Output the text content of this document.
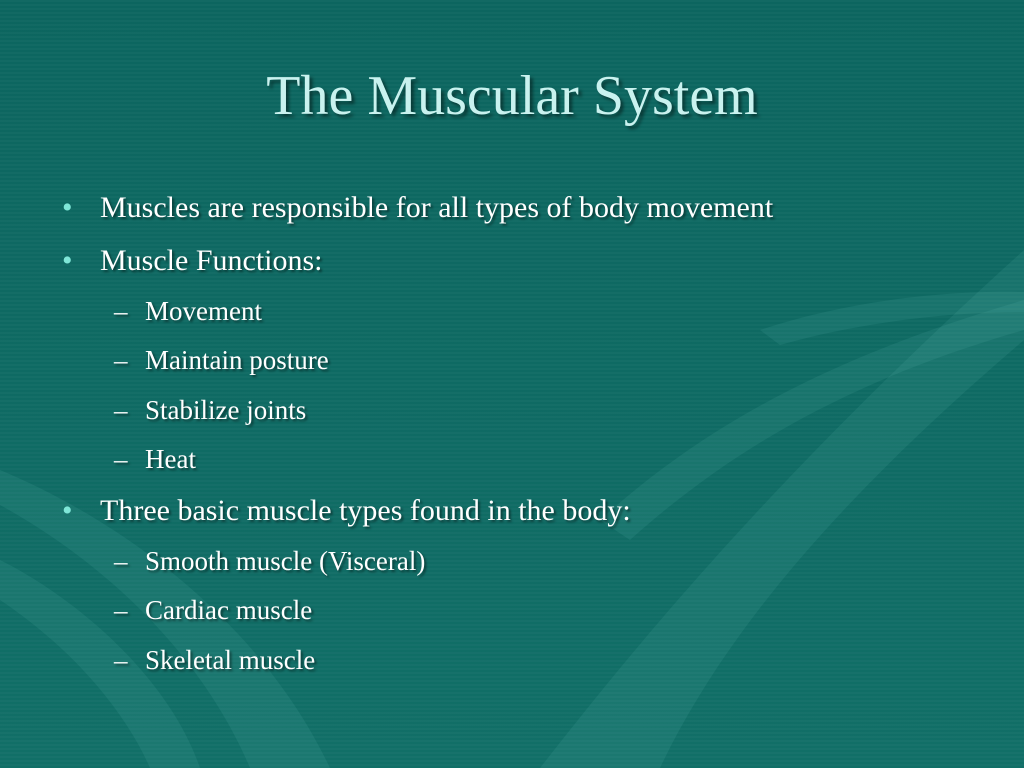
The Muscular System
• Muscles are responsible for all types of body movement
• Muscle Functions:
– Movement
– Maintain posture
– Stabilize joints
– Heat
• Three basic muscle types found in the body:
– Smooth muscle (Visceral)
– Cardiac muscle
– Skeletal muscle
